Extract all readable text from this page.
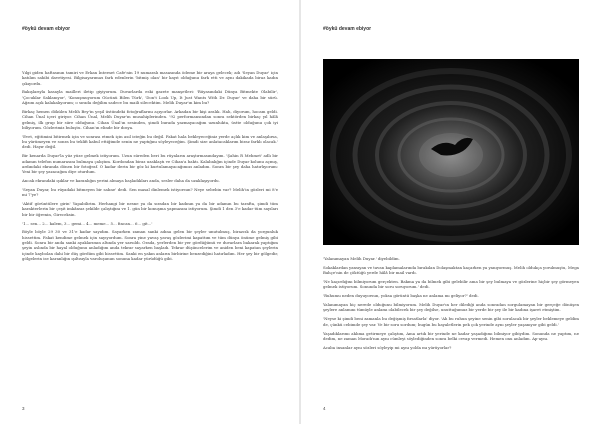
#öykü devam ebiyor

Yılgi giden haftasının tamiri ve Erkan İnternet Cafe'nin 19 numaralı masasında ödeme bir araya gelecek; adı 'Seyan Duyar' için katılım sahibi davetiyesi. Bilgisayarımızı fark edenlerin 'bitmiş olan' bir kayıt olduğunu fark etti ve aynı dakikada biraz kadın çıkıyordu.

Bakışlarıyla kasayla mailleri iletip giyiyorum. Duvarlarda eski gazete manşetleri: 'Rüyasındaki Dünya Bitmekte Olabilir', 'Çocuklar Saklanıyor', 'Konuşmuyorum Gücünü Bilen Türk', 'Don't Look Up, It Just Wants With Dr. Duyar' ve daha bir sürü. Ağzım açık kalakalıyorum; o sırada değilim sadece bu maili silecektim. Melih Duyar'ın kim bu?

Birkaç hemen dökülen Melih Bey'in yeşil üstündeki fotoğraflarını açıyorlar. Arkadan bir kişi aralık. Hah, diyorum, hocam geldi. Cihan Ünal içeri giriyor. Cihan Ünal, Melih Duyar'ın musahiplerinden. '92 performansından sonra sektörden birkaç yıl hâlâ gelmiş, ilk grup bir süre olduğunu. Cihan Ünal'ın sesinden, şimdi burada yazmayacağım uzunlukta, üstte olduğunu çok iyi biliyorum. Gözlerimiz buluştu. Cihan'ın elinde bir dosya.

'Evet, eğitimini bitirmek için ve sonrası etmek için asıl isteğin bu değil. Fakat hala bekleyeceğiniz yerde açlık kim ve anlaşılırsa, bu yürümeyen ve sonra bu teklifi kabul ettiğimde senin ne yaptığını söyleyeceğim. Şimdi size anlatacaklarım biraz farklı olacak.' dedi. Hayır değil.

Bir kenarda Duyar'la yüz yüze gelmek istiyorum. Uzun süreden beri bu rüyaların araştırmasındayım. 'Şahin R Mehmet' adlı bir adamın telefon numarasını bulmaya çalıştım. Kordondan biraz uzaklaştı ve Cihan'a baktı. Kalabalığın içinde Duyar kolunu açmış, ardındaki ekranda dönen bir fotoğraf. O kadar derin bir göz ki kurtulamayacağımızı anladım. Sonra bir şey daha hatırlıyorum: Yeni bir şey yazacağım diye oturdum.

Ancak ekrandaki ışıklar ve karanlığın yerini almaya başladıkları anda, sesler daha da uzaklaşıyordu.

'Seyan Duyar, bu rüyadaki bitmeyen bir sahne' dedi. Sen masal dinlemek istiyorsun? Neye sebebin var? Melih'in gözleri mi 8'e mi 7'ye?

'Aktif görüntülere girin' Yapabilirim. Herhangi bir nesne ya da sıradan bir kadının ya da bir adamın bu tarafta, şimdi tüm karakterlerin bir çeşit imkânsız şekilde çalıştığını ve 1. gün bir konuşma yapmasını istiyorum. Şimdi 1 den 3'e kadar tüm sayıları bir bir öğrenin, Gireceksin.

'1... sen... 2... kalem, 3... gemi... 4... meme... 5... fincan... 6... git...'

Böyle böyle 29 30 ve 31'e kadar sayıdım. Sayarken zaman sanki adına gelen bir şeyler unutulmuş, birazcık da yorgunluk hissettim. Fakat kendime gelmek için sayıyordum. Sonra yine yavaş yavaş gözlerimi kapattım ve tüm dünya önüme gelmiş gibi geldi. Sonra bir anda sanki ayaklarımın altında yer sarsıldı. Orada, yerlerden bir yer gördüğümü ve duvarlara bakarak yaptığım şeyin aslında bir hayal olduğunu anladığım anda tekrar sayarken başladı. Tekrar düşüncelerim ve aniden beni kapatan şeylerin içinde kaybolan dahi bir düş gördüm gibi hissettim. Sanki en yakın anların birbirine benzediğini hatırladım. Her şey bir gölgedir, gölgelerin ise karanlığın ışıltısıyla varoluşunun sonuna kadar yürüdüğü gibi.

3
#öykü devam ebiyor

'Yalanımayan Melih Duyar.' diyebildim.

Sokaklardan yansıyan ve tavan kaplamalarında bırakılan Dolaşmaktan kaçarken ya yanıyormuş. Melih oldukça yorulmuştu, Mega Bahçe'nin de çöktüğü yerde hâlâ bir mail vardı.

'Ne kaçırdığını bilmiyorum gerçekten. Bakma ya da bilmek gibi gelebilir ama bir şey bulmaya ve gözlerine hiçbir şey görmeyen gelmek istiyorum. Sonunda bir soru soruyorum.' dedi.

'Ruhumu neden duyuyorsun, yoksa görüntü başka ne anlama mı geliyor?' dedi.

Yalanımayan hiç nerede olduğunu bilmiyorum. Melih Duyar'ın her dilediği anda sonradan sorgulamayan bir gerçeğe dönüşen şeylere anlamını tümüyle anlamı olabilecek bir şey değilse, unuttuğumuz bir yerde bir şey ile bir kadına işaret etmiştim.

'Neyse ki şimdi beni zamanla bu değişmiş fırsatlarla' diyor. 'Ah bu ruhun şeyine senin gibi sorulacak bir şeyler beklemeye geldim de, çünkü cebimde şey var. Ve bir soru sordum; bugün bu hayaletlerin pek çok yerinde aynı şeyler yaşanıyor gibi geldi.'

Yaşadıklarımı aklıma getirmeye çalıştım, Ama artık bir yerinde ne kadar yaşadığımı bilmiyor gibiydim. Sonunda ne yaptım, ne dedim, ne zaman Moradı'nın aynı cümleyi söylediğinden sonra belki cevap vermedi. Hemen onu anladım. Ap-aynı.

Acaba insanlar aynı sözleri söyleyip mi aynı yolda mı yürüyorlar?

4
